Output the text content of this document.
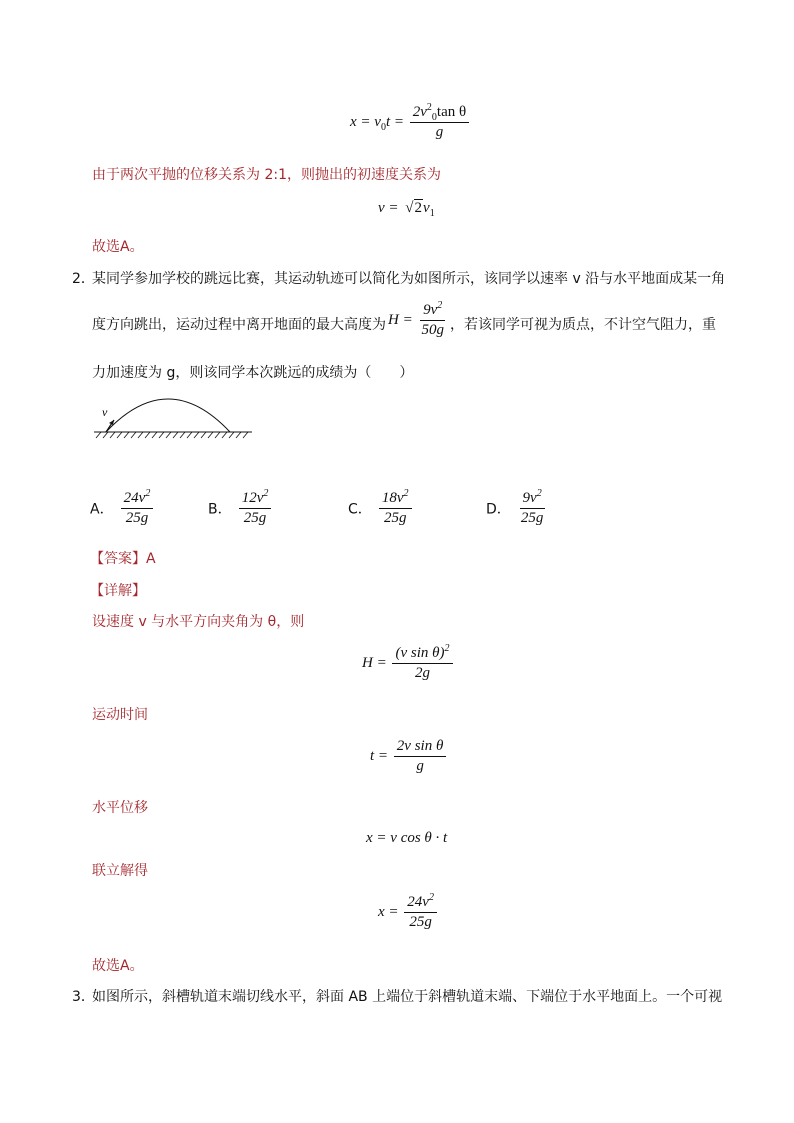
$x = v_0t = \frac{2v^2_0\tan \theta}{g}$
由于两次平抛的位移关系为 2:1，则抛出的初速度关系为
$v = √2v_1$
故选A。
2．
某同学参加学校的跳远比赛，其运动轨迹可以简化为如图所示，该同学以速率 v 沿与水平地面成某一角
度方向跳出，运动过程中离开地面的最大高度为 $H = \frac{9v^2}{50g}$ ，若该同学可视为质点，不计空气阻力，重
力加速度为 g，则该同学本次跳远的成绩为（　　）
v
A． $\frac{24v^2}{25g}$	B． $\frac{12v^2}{25g}$	C． $\frac{18v^2}{25g}$	D． $\frac{9v^2}{25g}$
【答案】A
【详解】
设速度 v 与水平方向夹角为 θ，则
$H = \frac{(v \sin \theta)^2}{2g}$
运动时间
$t = \frac{\text{2v sin θ}}{g}$
水平位移
x = v cos θ · t
联立解得
$x = \frac{24v^2}{25g}$
故选A。
3．
如图所示，斜槽轨道末端切线水平，斜面 AB 上端位于斜槽轨道末端、下端位于水平地面上。一个可视
